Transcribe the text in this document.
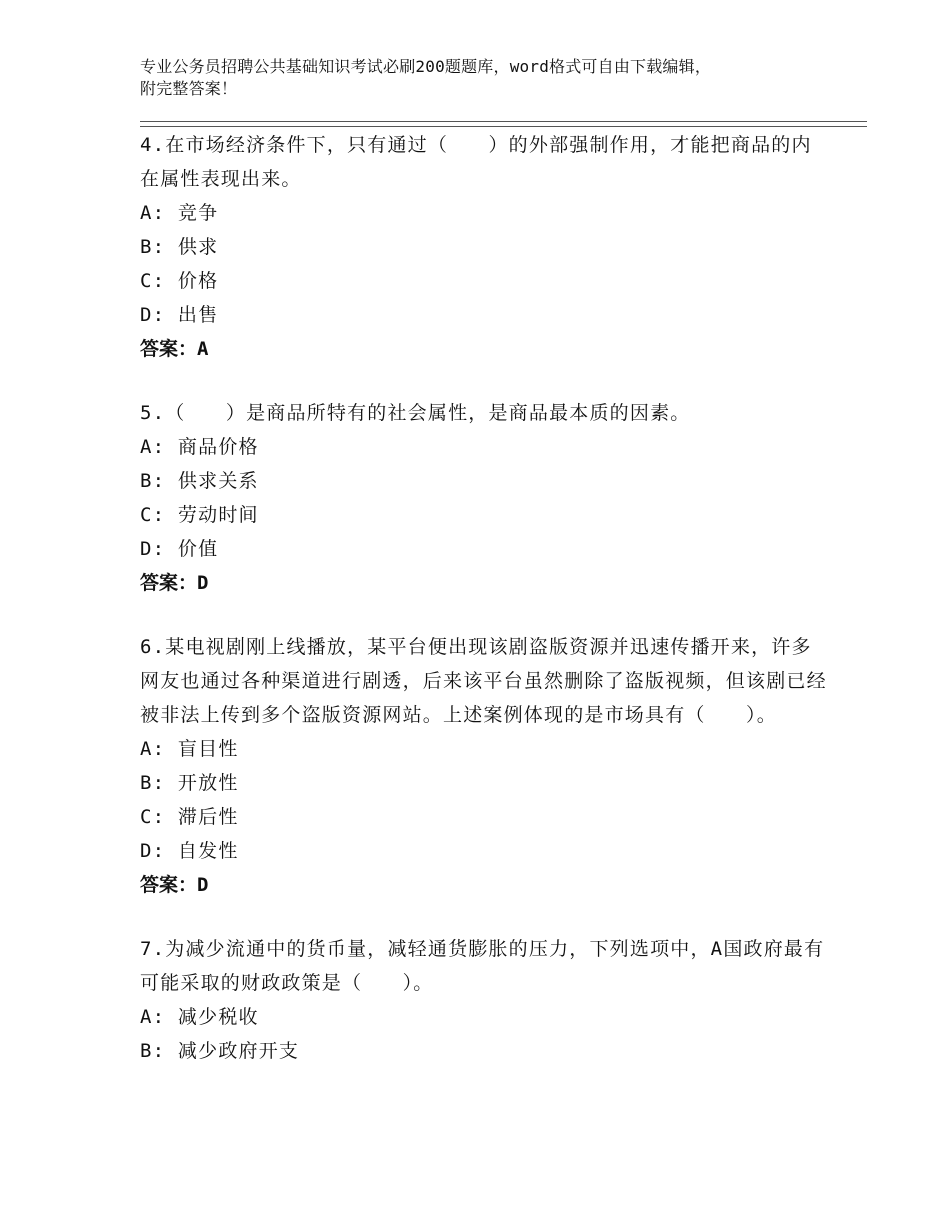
专业公务员招聘公共基础知识考试必刷200题题库，word格式可自由下载编辑，
附完整答案！

4.在市场经济条件下，只有通过（　　）的外部强制作用，才能把商品的内在属性表现出来。

A: 竞争

B: 供求

C: 价格

D: 出售

答案：A

5.（　　）是商品所特有的社会属性，是商品最本质的因素。

A: 商品价格

B: 供求关系

C: 劳动时间

D: 价值

答案：D

6.某电视剧刚上线播放，某平台便出现该剧盗版资源并迅速传播开来，许多网友也通过各种渠道进行剧透，后来该平台虽然删除了盗版视频，但该剧已经被非法上传到多个盗版资源网站。上述案例体现的是市场具有（　　）。

A: 盲目性

B: 开放性

C: 滞后性

D: 自发性

答案：D

7.为减少流通中的货币量，减轻通货膨胀的压力，下列选项中，A国政府最有可能采取的财政政策是（　　）。

A: 减少税收

B: 减少政府开支
